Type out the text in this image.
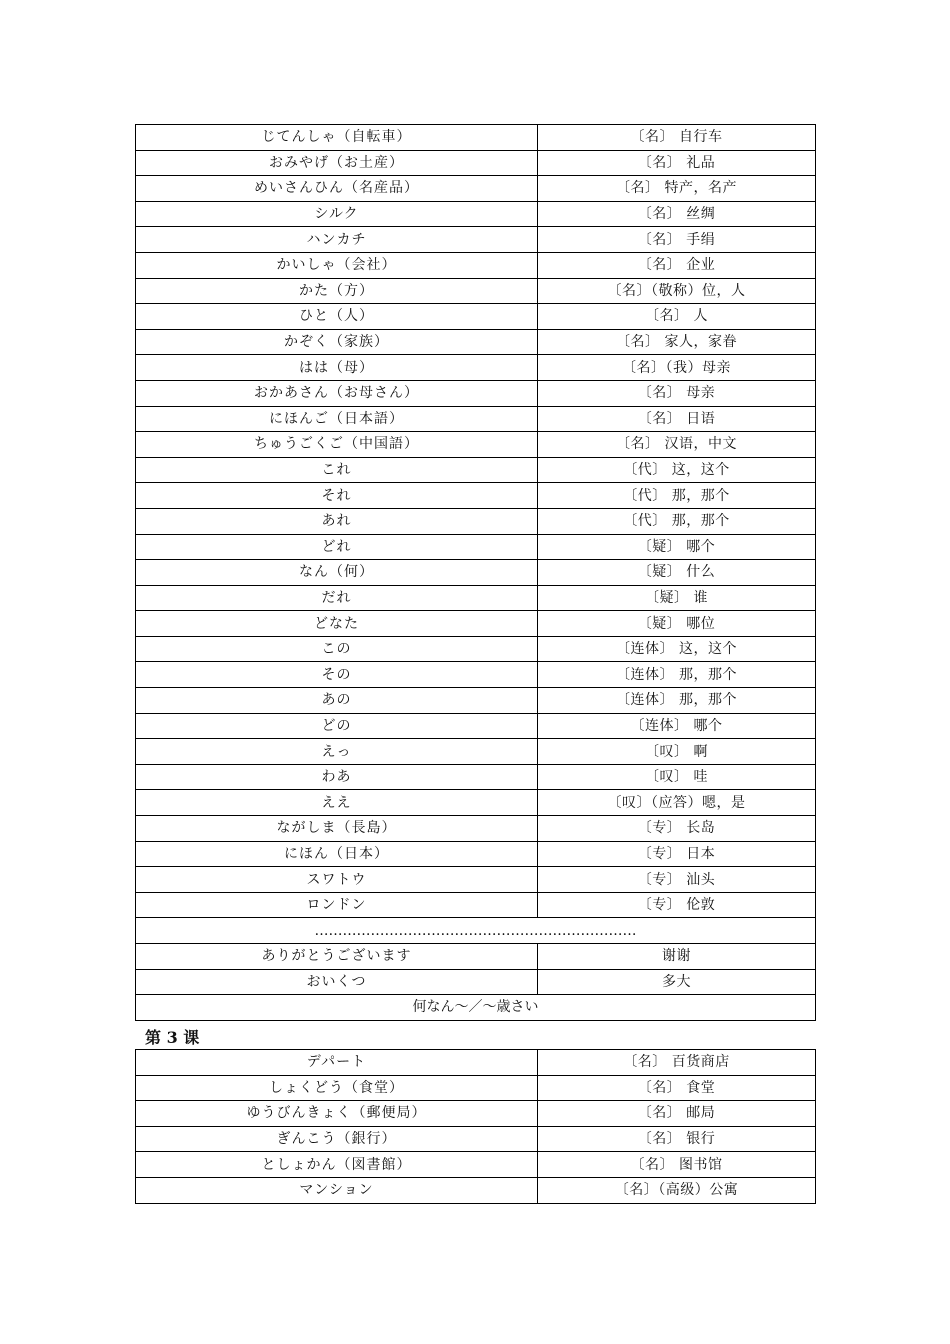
じてんしゃ（自転車）	〔名〕 自行车
おみやげ（お土産）	〔名〕 礼品
めいさんひん（名産品）	〔名〕 特产，名产
シルク	〔名〕 丝绸
ハンカチ	〔名〕 手绢
かいしゃ（会社）	〔名〕 企业
かた（方）	〔名〕（敬称）位，人
ひと（人）	〔名〕 人
かぞく（家族）	〔名〕 家人，家眷
はは（母）	〔名〕（我）母亲
おかあさん（お母さん）	〔名〕 母亲
にほんご（日本語）	〔名〕 日语
ちゅうごくご（中国語）	〔名〕 汉语，中文
これ	〔代〕 这，这个
それ	〔代〕 那，那个
あれ	〔代〕 那，那个
どれ	〔疑〕 哪个
なん（何）	〔疑〕 什么
だれ	〔疑〕 谁
どなた	〔疑〕 哪位
この	〔连体〕 这，这个
その	〔连体〕 那，那个
あの	〔连体〕 那，那个
どの	〔连体〕 哪个
えっ	〔叹〕 啊
わあ	〔叹〕 哇
ええ	〔叹〕（应答）嗯，是
ながしま（長島）	〔专〕 长岛
にほん（日本）	〔专〕 日本
スワトウ	〔专〕 汕头
ロンドン	〔专〕 伦敦
……………………………………………………………	
ありがとうございます	谢谢
おいくつ	多大
何なん〜／〜歳さい	
第 3 课
デパート	〔名〕 百货商店
しょくどう（食堂）	〔名〕 食堂
ゆうびんきょく（郵便局）	〔名〕 邮局
ぎんこう（銀行）	〔名〕 银行
としょかん（図書館）	〔名〕 图书馆
マンション	〔名〕（高级）公寓
